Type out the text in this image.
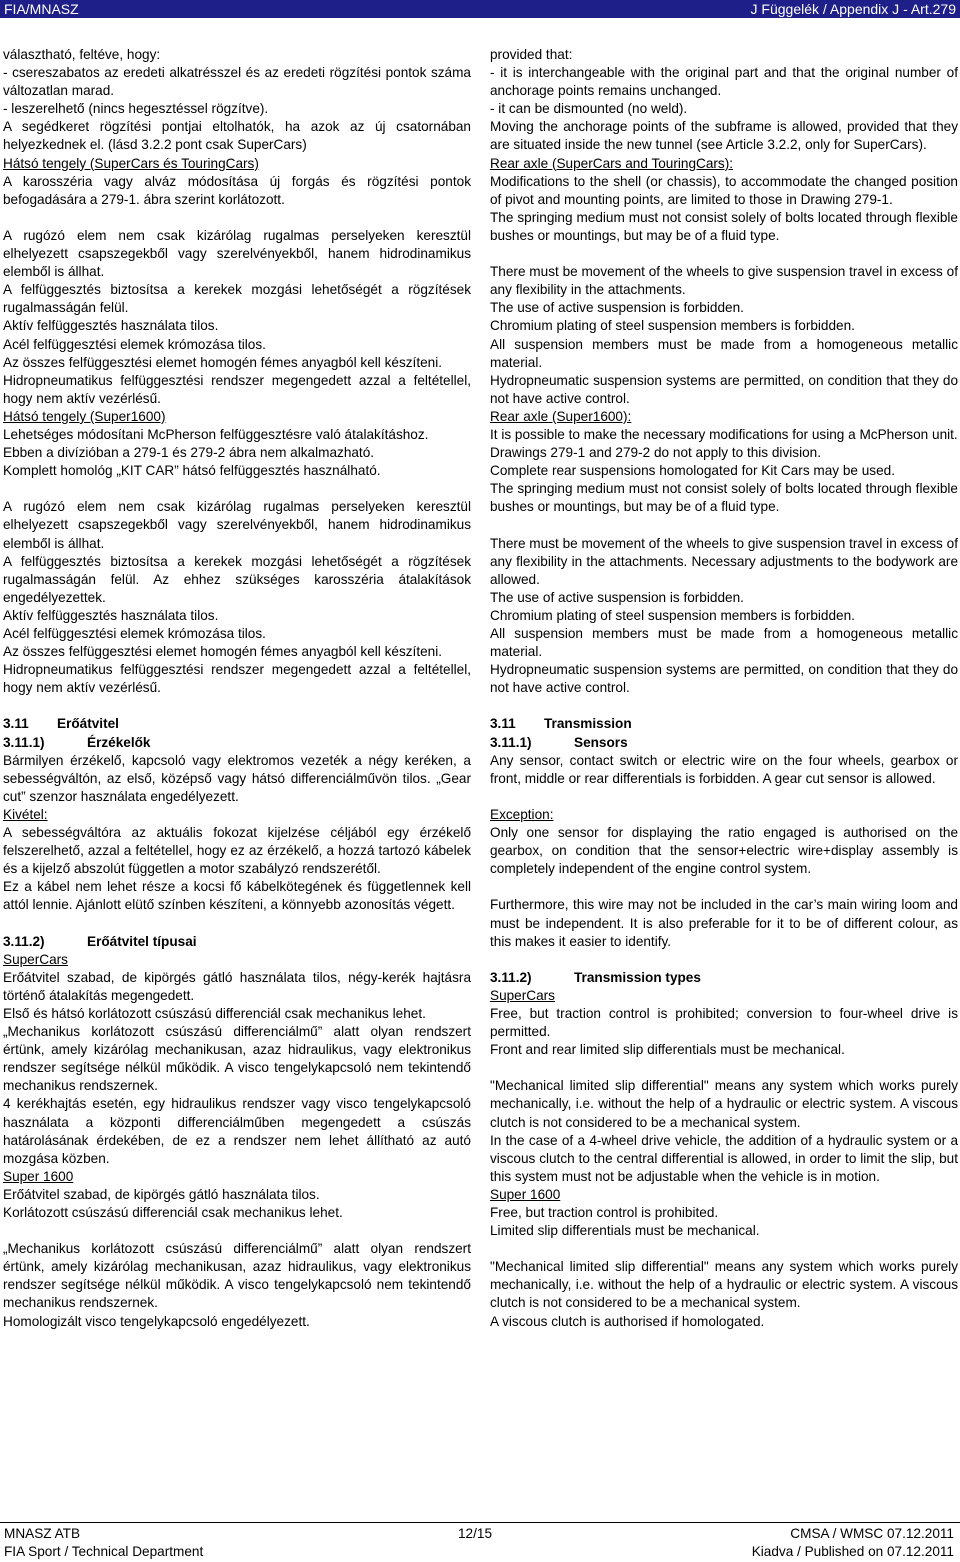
FIA/MNASZ	J Függelék / Appendix J - Art.279

választható, feltéve, hogy:

- csereszabatos az eredeti alkatrésszel és az eredeti rögzítési pontok száma változatlan marad.

- leszerelhető (nincs hegesztéssel rögzítve).

A segédkeret rögzítési pontjai eltolhatók, ha azok az új csatornában helyezkednek el. (lásd 3.2.2 pont csak SuperCars)

Hátsó tengely (SuperCars és TouringCars)

A karosszéria vagy alváz módosítása új forgás és rögzítési pontok befogadására a 279-1. ábra szerint korlátozott.

A rugózó elem nem csak kizárólag rugalmas perselyeken keresztül elhelyezett csapszegekből vagy szerelvényekből, hanem hidrodinamikus elemből is állhat.

A felfüggesztés biztosítsa a kerekek mozgási lehetőségét a rögzítések rugalmasságán felül.

Aktív felfüggesztés használata tilos.

Acél felfüggesztési elemek krómozása tilos.

Az összes felfüggesztési elemet homogén fémes anyagból kell készíteni.

Hidropneumatikus felfüggesztési rendszer megengedett azzal a feltétellel, hogy nem aktív vezérlésű.

Hátsó tengely (Super1600)

Lehetséges módosítani McPherson felfüggesztésre való átalakításhoz.

Ebben a divízióban a 279-1 és 279-2 ábra nem alkalmazható.

Komplett homológ „KIT CAR” hátsó felfüggesztés használható.

A rugózó elem nem csak kizárólag rugalmas perselyeken keresztül elhelyezett csapszegekből vagy szerelvényekből, hanem hidrodinamikus elemből is állhat.

A felfüggesztés biztosítsa a kerekek mozgási lehetőségét a rögzítések rugalmasságán felül. Az ehhez szükséges karosszéria átalakítások engedélyezettek.

Aktív felfüggesztés használata tilos.

Acél felfüggesztési elemek krómozása tilos.

Az összes felfüggesztési elemet homogén fémes anyagból kell készíteni.

Hidropneumatikus felfüggesztési rendszer megengedett azzal a feltétellel, hogy nem aktív vezérlésű.

3.11 Erőátvitel

3.11.1)	Érzékelők

Bármilyen érzékelő, kapcsoló vagy elektromos vezeték a négy keréken, a sebességváltón, az első, középső vagy hátsó differenciálművön tilos. „Gear cut” szenzor használata engedélyezett.

Kivétel:

A sebességváltóra az aktuális fokozat kijelzése céljából egy érzékelő felszerelhető, azzal a feltétellel, hogy ez az érzékelő, a hozzá tartozó kábelek és a kijelző abszolút független a motor szabályzó rendszerétől.

Ez a kábel nem lehet része a kocsi fő kábelkötegének és függetlennek kell attól lennie. Ajánlott elütő színben készíteni, a könnyebb azonosítás végett.

3.11.2)	Erőátvitel típusai

SuperCars

Erőátvitel szabad, de kipörgés gátló használata tilos, négy-kerék hajtásra történő átalakítás megengedett.

Első és hátsó korlátozott csúszású differenciál csak mechanikus lehet.

„Mechanikus korlátozott csúszású differenciálmű” alatt olyan rendszert értünk, amely kizárólag mechanikusan, azaz hidraulikus, vagy elektronikus rendszer segítsége nélkül működik. A visco tengelykapcsoló nem tekintendő mechanikus rendszernek.

4 kerékhajtás esetén, egy hidraulikus rendszer vagy visco tengelykapcsoló használata a központi differenciálműben megengedett a csúszás határolásának érdekében, de ez a rendszer nem lehet állítható az autó mozgása közben.

Super 1600

Erőátvitel szabad, de kipörgés gátló használata tilos.

Korlátozott csúszású differenciál csak mechanikus lehet.

„Mechanikus korlátozott csúszású differenciálmű” alatt olyan rendszert értünk, amely kizárólag mechanikusan, azaz hidraulikus, vagy elektronikus rendszer segítsége nélkül működik. A visco tengelykapcsoló nem tekintendő mechanikus rendszernek.

Homologizált visco tengelykapcsoló engedélyezett.

provided that:

- it is interchangeable with the original part and that the original number of anchorage points remains unchanged.

- it can be dismounted (no weld).

Moving the anchorage points of the subframe is allowed, provided that they are situated inside the new tunnel (see Article 3.2.2, only for SuperCars).

Rear axle (SuperCars and TouringCars):

Modifications to the shell (or chassis), to accommodate the changed position of pivot and mounting points, are limited to those in Drawing 279-1.

The springing medium must not consist solely of bolts located through flexible bushes or mountings, but may be of a fluid type.

There must be movement of the wheels to give suspension travel in excess of any flexibility in the attachments.

The use of active suspension is forbidden.

Chromium plating of steel suspension members is forbidden.

All suspension members must be made from a homogeneous metallic material.

Hydropneumatic suspension systems are permitted, on condition that they do not have active control.

Rear axle (Super1600):

It is possible to make the necessary modifications for using a McPherson unit.

Drawings 279-1 and 279-2 do not apply to this division.

Complete rear suspensions homologated for Kit Cars may be used.

The springing medium must not consist solely of bolts located through flexible bushes or mountings, but may be of a fluid type.

There must be movement of the wheels to give suspension travel in excess of any flexibility in the attachments. Necessary adjustments to the bodywork are allowed.

The use of active suspension is forbidden.

Chromium plating of steel suspension members is forbidden.

All suspension members must be made from a homogeneous metallic material.

Hydropneumatic suspension systems are permitted, on condition that they do not have active control.

3.11 Transmission

3.11.1)	Sensors

Any sensor, contact switch or electric wire on the four wheels, gearbox or front, middle or rear differentials is forbidden. A gear cut sensor is allowed.

Exception:

Only one sensor for displaying the ratio engaged is authorised on the gearbox, on condition that the sensor+electric wire+display assembly is completely independent of the engine control system.

Furthermore, this wire may not be included in the car’s main wiring loom and must be independent. It is also preferable for it to be of different colour, as this makes it easier to identify.

3.11.2)	Transmission types

SuperCars

Free, but traction control is prohibited; conversion to four-wheel drive is permitted.

Front and rear limited slip differentials must be mechanical.

"Mechanical limited slip differential" means any system which works purely mechanically, i.e. without the help of a hydraulic or electric system. A viscous clutch is not considered to be a mechanical system.

In the case of a 4-wheel drive vehicle, the addition of a hydraulic system or a viscous clutch to the central differential is allowed, in order to limit the slip, but this system must not be adjustable when the vehicle is in motion.

Super 1600

Free, but traction control is prohibited.

Limited slip differentials must be mechanical.

"Mechanical limited slip differential" means any system which works purely mechanically, i.e. without the help of a hydraulic or electric system. A viscous clutch is not considered to be a mechanical system.

A viscous clutch is authorised if homologated.

MNASZ ATB
FIA Sport / Technical Department
12/15	CMSA / WMSC 07.12.2011
Kiadva / Published on 07.12.2011
